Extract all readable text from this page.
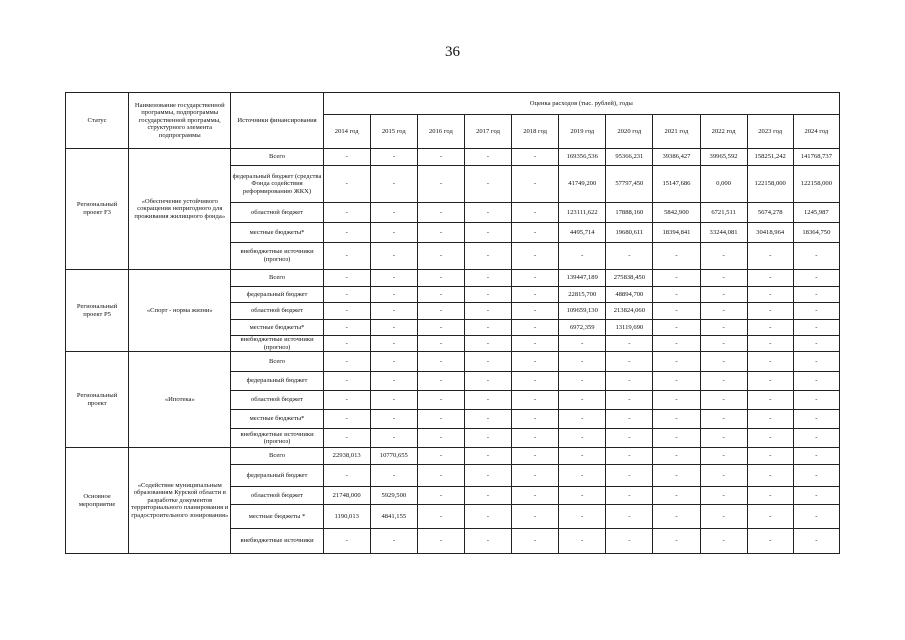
36
Статус	Наименование государственной программы, подпрограммы государственной программы, структурного элемента подпрограммы	Источники финансирования	Оценка расходов (тыс. рублей), годы										
			2014 год	2015 год	2016 год	2017 год	2018 год	2019 год	2020 год	2021 год	2022 год	2023 год	2024 год
Региональный проект F3	«Обеспечение устойчивого сокращения непригодного для проживания жилищного фонда»	Всего	-	-	-	-	-	169356,536	95366,231	39386,427	39965,592	158251,242	141768,737
		федеральный бюджет (средства Фонда содействия реформированию ЖКХ)	-	-	-	-	-	41749,200	57797,450	15147,686	0,000	122158,000	122158,000
		областной бюджет	-	-	-	-	-	123111,622	17888,160	5842,900	6721,511	5674,278	1245,987
		местные бюджеты*	-	-	-	-	-	4495,714	19680,611	18394,841	33244,081	30418,964	18364,750
		внебюджетные источники (прогноз)	-	-	-	-	-	-	-	-	-	-	-
Региональный проект P5	«Спорт - норма жизни»	Всего	-	-	-	-	-	139447,189	275838,450	-	-	-	-
		федеральный бюджет	-	-	-	-	-	22815,700	48894,700	-	-	-	-
		областной бюджет	-	-	-	-	-	109659,130	213824,060	-	-	-	-
		местные бюджеты*	-	-	-	-	-	6972,359	13119,690	-	-	-	-
		внебюджетные источники (прогноз)	-	-	-	-	-	-	-	-	-	-	-
Региональный проект	«Ипотека»	Всего	-	-	-	-	-	-	-	-	-	-	-
		федеральный бюджет	-	-	-	-	-	-	-	-	-	-	-
		областной бюджет	-	-	-	-	-	-	-	-	-	-	-
		местные бюджеты*	-	-	-	-	-	-	-	-	-	-	-
		внебюджетные источники (прогноз)	-	-	-	-	-	-	-	-	-	-	-
Основное мероприятие	«Содействие муниципальным образованиям Курской области в разработке документов территориального планирования и градостроительного зонирования»	Всего	22938,013	10770,655	-	-	-	-	-	-	-	-	-
		федеральный бюджет	-	-	-	-	-	-	-	-	-	-	-
		областной бюджет	21748,000	5929,500	-	-	-	-	-	-	-	-	-
		местные бюджеты *	1190,013	4841,155	-	-	-	-	-	-	-	-	-
		внебюджетные источники	-	-	-	-	-	-	-	-	-	-	-
